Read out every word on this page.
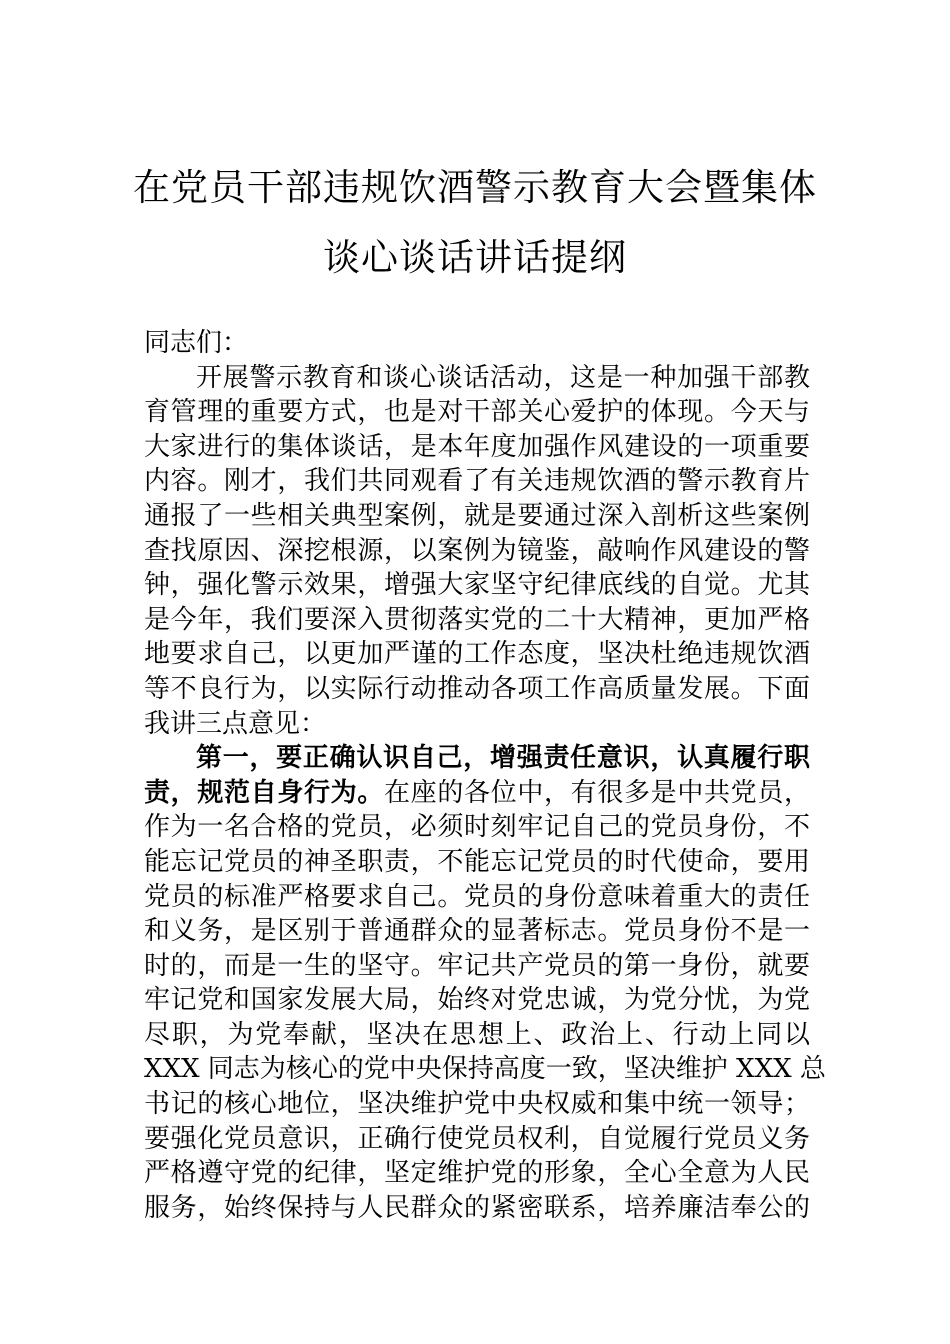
在党员干部违规饮酒警示教育大会暨集体
谈心谈话讲话提纲
同志们：
开展警示教育和谈心谈话活动，这是一种加强干部教
育管理的重要方式，也是对干部关心爱护的体现。今天与
大家进行的集体谈话，是本年度加强作风建设的一项重要
内容。刚才，我们共同观看了有关违规饮酒的警示教育片
通报了一些相关典型案例，就是要通过深入剖析这些案例
查找原因、深挖根源，以案例为镜鉴，敲响作风建设的警
钟，强化警示效果，增强大家坚守纪律底线的自觉。尤其
是今年，我们要深入贯彻落实党的二十大精神，更加严格
地要求自己，以更加严谨的工作态度，坚决杜绝违规饮酒
等不良行为，以实际行动推动各项工作高质量发展。下面
我讲三点意见：
第一，要正确认识自己，增强责任意识，认真履行职
责，规范自身行为。在座的各位中，有很多是中共党员，
作为一名合格的党员，必须时刻牢记自己的党员身份，不
能忘记党员的神圣职责，不能忘记党员的时代使命，要用
党员的标准严格要求自己。党员的身份意味着重大的责任
和义务，是区别于普通群众的显著标志。党员身份不是一
时的，而是一生的坚守。牢记共产党员的第一身份，就要
牢记党和国家发展大局，始终对党忠诚，为党分忧，为党
尽职，为党奉献，坚决在思想上、政治上、行动上同以
XXX 同志为核心的党中央保持高度一致，坚决维护 XXX 总
书记的核心地位，坚决维护党中央权威和集中统一领导；
要强化党员意识，正确行使党员权利，自觉履行党员义务
严格遵守党的纪律，坚定维护党的形象，全心全意为人民
服务，始终保持与人民群众的紧密联系，培养廉洁奉公的
